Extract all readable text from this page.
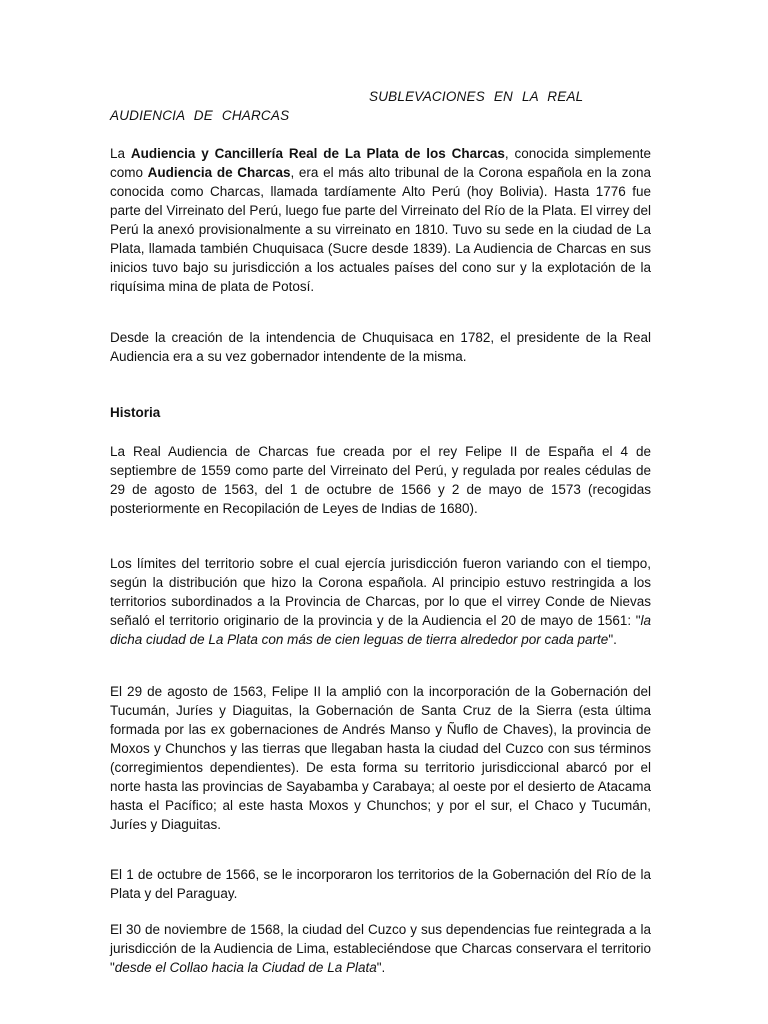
SUBLEVACIONES EN LA REAL
AUDIENCIA DE CHARCAS

La Audiencia y Cancillería Real de La Plata de los Charcas, conocida simplemente como Audiencia de Charcas, era el más alto tribunal de la Corona española en la zona conocida como Charcas, llamada tardíamente Alto Perú (hoy Bolivia). Hasta 1776 fue parte del Virreinato del Perú, luego fue parte del Virreinato del Río de la Plata. El virrey del Perú la anexó provisionalmente a su virreinato en 1810. Tuvo su sede en la ciudad de La Plata, llamada también Chuquisaca (Sucre desde 1839). La Audiencia de Charcas en sus inicios tuvo bajo su jurisdicción a los actuales países del cono sur y la explotación de la riquísima mina de plata de Potosí.

Desde la creación de la intendencia de Chuquisaca en 1782, el presidente de la Real Audiencia era a su vez gobernador intendente de la misma.

Historia

La Real Audiencia de Charcas fue creada por el rey Felipe II de España el 4 de septiembre de 1559 como parte del Virreinato del Perú, y regulada por reales cédulas de 29 de agosto de 1563, del 1 de octubre de 1566 y 2 de mayo de 1573 (recogidas posteriormente en Recopilación de Leyes de Indias de 1680).

Los límites del territorio sobre el cual ejercía jurisdicción fueron variando con el tiempo, según la distribución que hizo la Corona española. Al principio estuvo restringida a los territorios subordinados a la Provincia de Charcas, por lo que el virrey Conde de Nievas señaló el territorio originario de la provincia y de la Audiencia el 20 de mayo de 1561: "la dicha ciudad de La Plata con más de cien leguas de tierra alrededor por cada parte".

El 29 de agosto de 1563, Felipe II la amplió con la incorporación de la Gobernación del Tucumán, Juríes y Diaguitas, la Gobernación de Santa Cruz de la Sierra (esta última formada por las ex gobernaciones de Andrés Manso y Ñuflo de Chaves), la provincia de Moxos y Chunchos y las tierras que llegaban hasta la ciudad del Cuzco con sus términos (corregimientos dependientes). De esta forma su territorio jurisdiccional abarcó por el norte hasta las provincias de Sayabamba y Carabaya; al oeste por el desierto de Atacama hasta el Pacífico; al este hasta Moxos y Chunchos; y por el sur, el Chaco y Tucumán, Juríes y Diaguitas.

El 1 de octubre de 1566, se le incorporaron los territorios de la Gobernación del Río de la Plata y del Paraguay.

El 30 de noviembre de 1568, la ciudad del Cuzco y sus dependencias fue reintegrada a la jurisdicción de la Audiencia de Lima, estableciéndose que Charcas conservara el territorio "desde el Collao hacia la Ciudad de La Plata".
